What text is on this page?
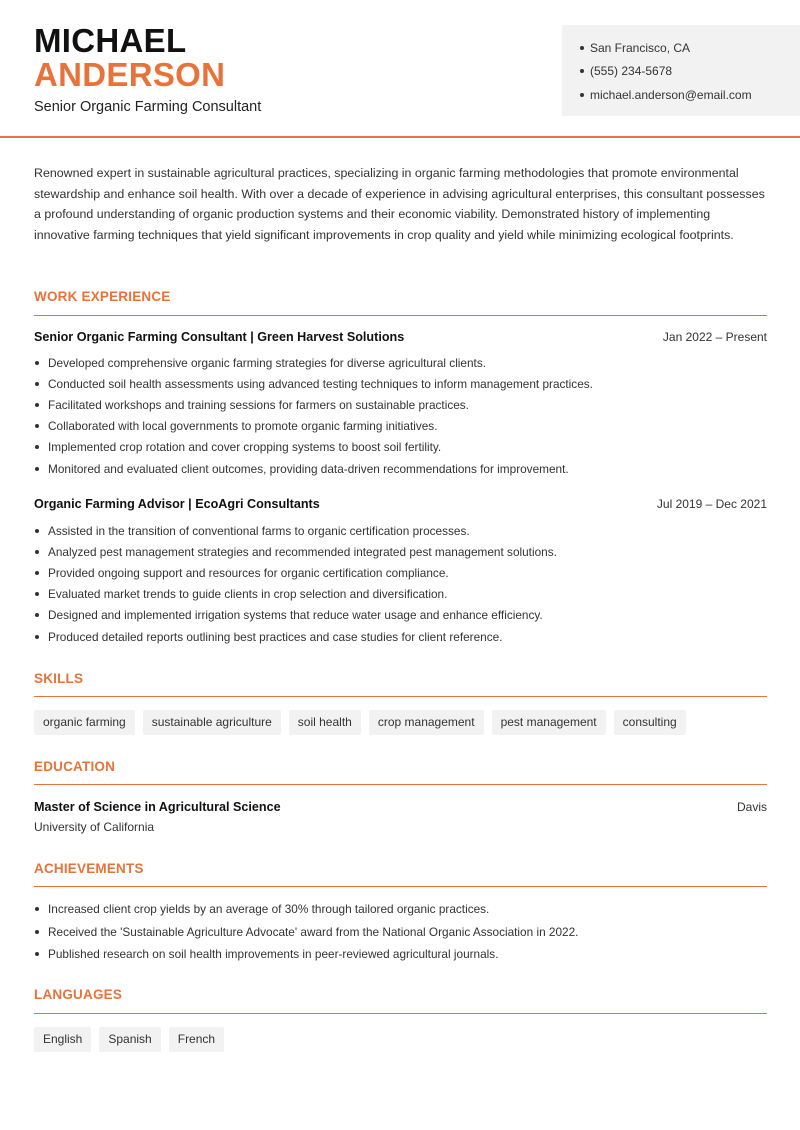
MICHAEL
ANDERSON
Senior Organic Farming Consultant
San Francisco, CA
(555) 234-5678
michael.anderson@email.com

Renowned expert in sustainable agricultural practices, specializing in organic farming methodologies that promote environmental stewardship and enhance soil health. With over a decade of experience in advising agricultural enterprises, this consultant possesses a profound understanding of organic production systems and their economic viability. Demonstrated history of implementing innovative farming techniques that yield significant improvements in crop quality and yield while minimizing ecological footprints.

WORK EXPERIENCE
Senior Organic Farming Consultant | Green Harvest Solutions	Jan 2022 – Present
Developed comprehensive organic farming strategies for diverse agricultural clients.
Conducted soil health assessments using advanced testing techniques to inform management practices.
Facilitated workshops and training sessions for farmers on sustainable practices.
Collaborated with local governments to promote organic farming initiatives.
Implemented crop rotation and cover cropping systems to boost soil fertility.
Monitored and evaluated client outcomes, providing data-driven recommendations for improvement.
Organic Farming Advisor | EcoAgri Consultants	Jul 2019 – Dec 2021
Assisted in the transition of conventional farms to organic certification processes.
Analyzed pest management strategies and recommended integrated pest management solutions.
Provided ongoing support and resources for organic certification compliance.
Evaluated market trends to guide clients in crop selection and diversification.
Designed and implemented irrigation systems that reduce water usage and enhance efficiency.
Produced detailed reports outlining best practices and case studies for client reference.
SKILLS
organic farming	sustainable agriculture	soil health	crop management	pest management	consulting
EDUCATION
Master of Science in Agricultural Science	Davis
University of California
ACHIEVEMENTS
Increased client crop yields by an average of 30% through tailored organic practices.
Received the 'Sustainable Agriculture Advocate' award from the National Organic Association in 2022.
Published research on soil health improvements in peer-reviewed agricultural journals.
LANGUAGES
English	Spanish	French
